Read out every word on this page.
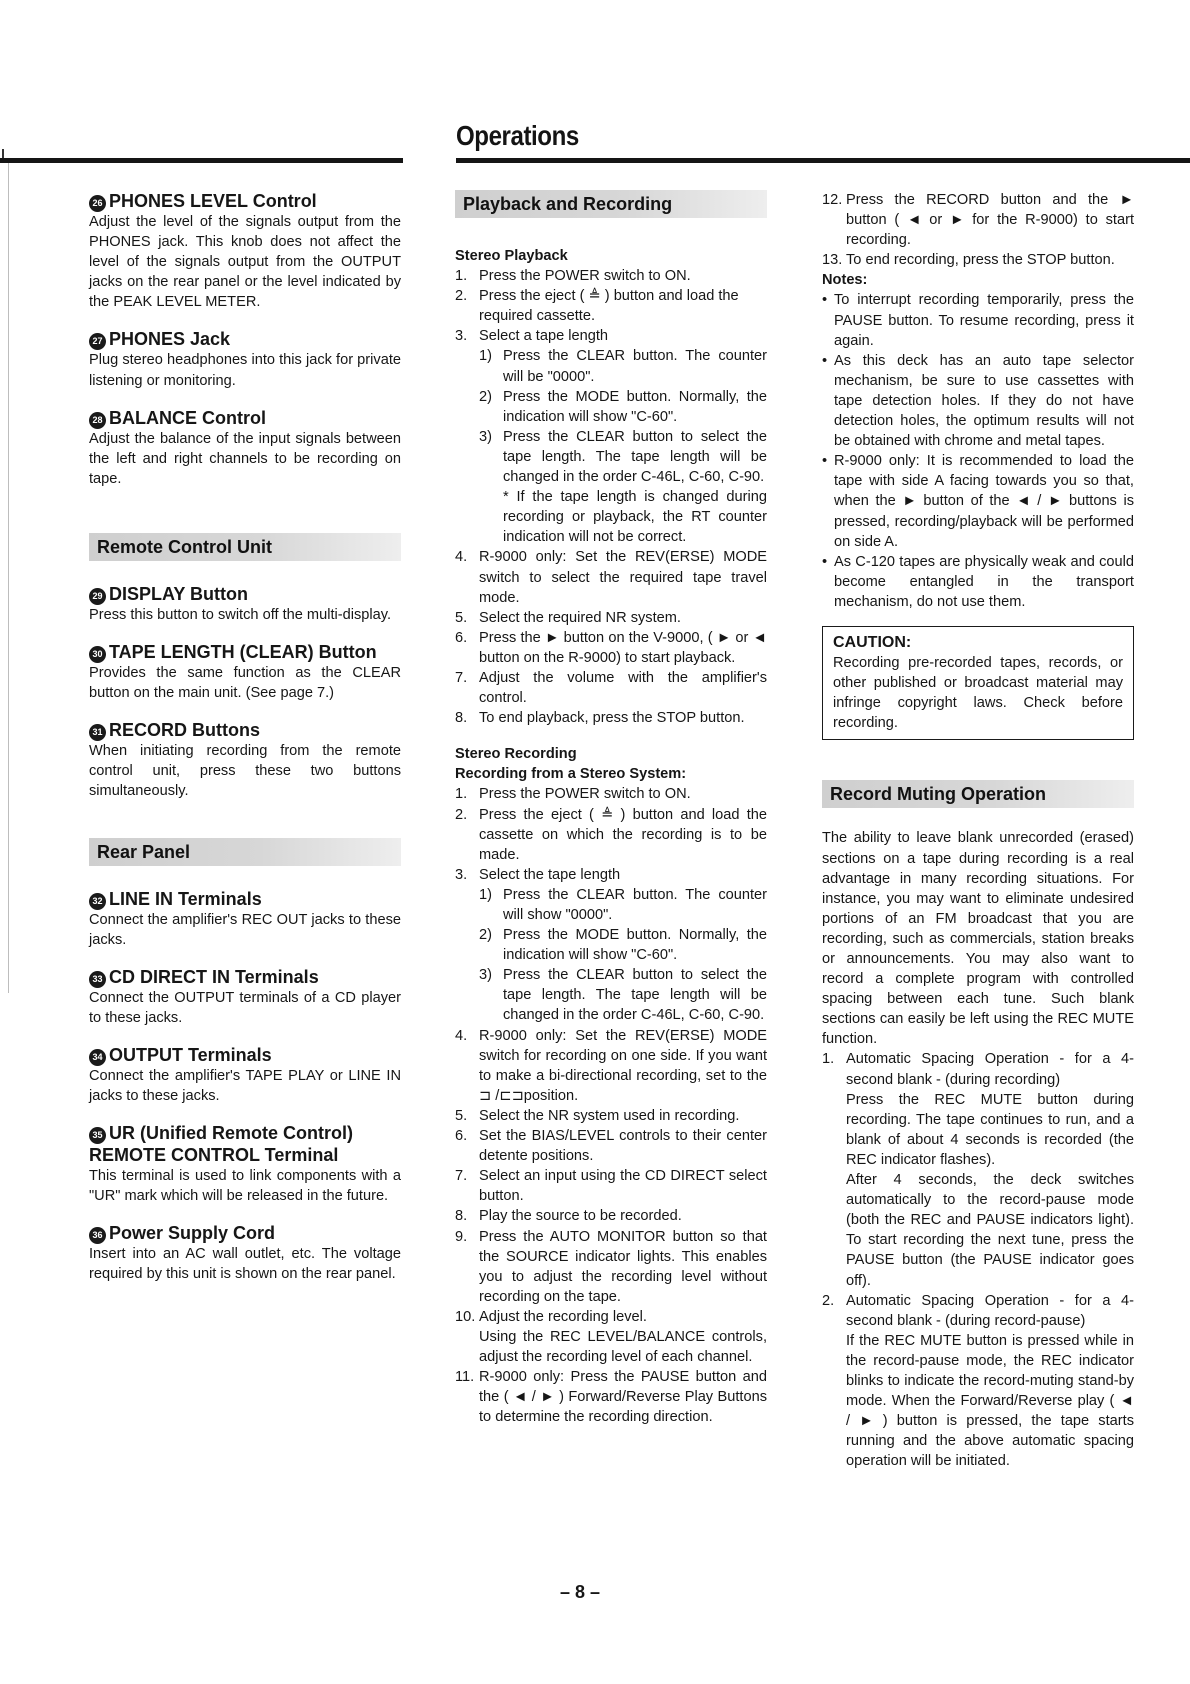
Operations

26 PHONES LEVEL Control

Adjust the level of the signals output from the PHONES jack. This knob does not affect the level of the signals output from the OUTPUT jacks on the rear panel or the level indicated by the PEAK LEVEL METER.

27 PHONES Jack

Plug stereo headphones into this jack for private listening or monitoring.

28 BALANCE Control

Adjust the balance of the input signals between the left and right channels to be recording on tape.

Remote Control Unit

29 DISPLAY Button

Press this button to switch off the multi-display.

30 TAPE LENGTH (CLEAR) Button

Provides the same function as the CLEAR button on the main unit. (See page 7.)

31 RECORD Buttons

When initiating recording from the remote control unit, press these two buttons simultaneously.

Rear Panel

32 LINE IN Terminals

Connect the amplifier's REC OUT jacks to these jacks.

33 CD DIRECT IN Terminals

Connect the OUTPUT terminals of a CD player to these jacks.

34 OUTPUT Terminals

Connect the amplifier's TAPE PLAY or LINE IN jacks to these jacks.

35 UR (Unified Remote Control) REMOTE CONTROL Terminal

This terminal is used to link components with a "UR" mark which will be released in the future.

36 Power Supply Cord

Insert into an AC wall outlet, etc. The voltage required by this unit is shown on the rear panel.

Playback and Recording

Stereo Playback
1. Press the POWER switch to ON.
2. Press the eject ( ≜ ) button and load the required cassette.
3. Select a tape length
1) Press the CLEAR button. The counter will be "0000".
2) Press the MODE button. Normally, the indication will show "C-60".
3) Press the CLEAR button to select the tape length. The tape length will be changed in the order C-46L, C-60, C-90.
* If the tape length is changed during recording or playback, the RT counter indication will not be correct.
4. R-9000 only: Set the REV(ERSE) MODE switch to select the required tape travel mode.
5. Select the required NR system.
6. Press the ► button on the V-9000, ( ► or ◄ button on the R-9000) to start playback.
7. Adjust the volume with the amplifier's control.
8. To end playback, press the STOP button.
Stereo Recording
Recording from a Stereo System:
1. Press the POWER switch to ON.
2. Press the eject ( ≜ ) button and load the cassette on which the recording is to be made.
3. Select the tape length
1) Press the CLEAR button. The counter will show "0000".
2) Press the MODE button. Normally, the indication will show "C-60".
3) Press the CLEAR button to select the tape length. The tape length will be changed in the order C-46L, C-60, C-90.
4. R-9000 only: Set the REV(ERSE) MODE switch for recording on one side. If you want to make a bi-directional recording, set to the ⊐ /⊏⊐position.
5. Select the NR system used in recording.
6. Set the BIAS/LEVEL controls to their center detente positions.
7. Select an input using the CD DIRECT select button.
8. Play the source to be recorded.
9. Press the AUTO MONITOR button so that the SOURCE indicator lights. This enables you to adjust the recording level without recording on the tape.
10. Adjust the recording level.
Using the REC LEVEL/BALANCE controls, adjust the recording level of each channel.
11. R-9000 only: Press the PAUSE button and the ( ◄ / ► ) Forward/Reverse Play Buttons to determine the recording direction.
12. Press the RECORD button and the ► button ( ◄ or ► for the R-9000) to start recording.
13. To end recording, press the STOP button.
Notes:
• To interrupt recording temporarily, press the PAUSE button. To resume recording, press it again.
• As this deck has an auto tape selector mechanism, be sure to use cassettes with tape detection holes. If they do not have detection holes, the optimum results will not be obtained with chrome and metal tapes.
• R-9000 only: It is recommended to load the tape with side A facing towards you so that, when the ► button of the ◄ / ► buttons is pressed, recording/playback will be performed on side A.
• As C-120 tapes are physically weak and could become entangled in the transport mechanism, do not use them.
CAUTION:
Recording pre-recorded tapes, records, or other published or broadcast material may infringe copyright laws. Check before recording.

Record Muting Operation

The ability to leave blank unrecorded (erased) sections on a tape during recording is a real advantage in many recording situations. For instance, you may want to eliminate undesired portions of an FM broadcast that you are recording, such as commercials, station breaks or announcements. You may also want to record a complete program with controlled spacing between each tune. Such blank sections can easily be left using the REC MUTE function.
1. Automatic Spacing Operation - for a 4-second blank - (during recording)
Press the REC MUTE button during recording. The tape continues to run, and a blank of about 4 seconds is recorded (the REC indicator flashes).
After 4 seconds, the deck switches automatically to the record-pause mode (both the REC and PAUSE indicators light). To start recording the next tune, press the PAUSE button (the PAUSE indicator goes off).
2. Automatic Spacing Operation - for a 4-second blank - (during record-pause)
If the REC MUTE button is pressed while in the record-pause mode, the REC indicator blinks to indicate the record-muting stand-by mode. When the Forward/Reverse play ( ◄ / ► ) button is pressed, the tape starts running and the above automatic spacing operation will be initiated.
– 8 –
